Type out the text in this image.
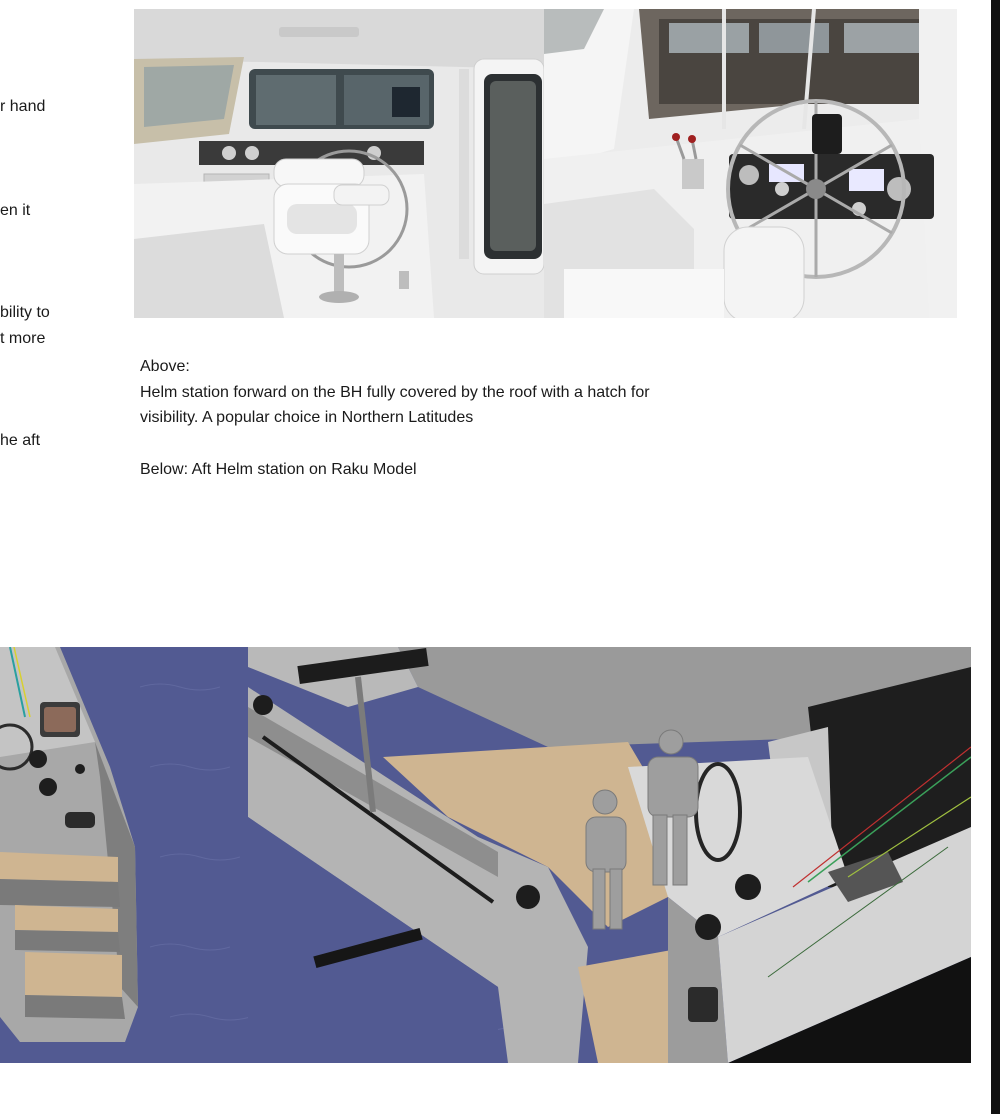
r hand
en it
bility to
t more
he aft
Above:
Helm station forward on the BH fully covered by the roof with a hatch for
visibility. A popular choice in Northern Latitudes
Below: Aft Helm station on Raku Model
